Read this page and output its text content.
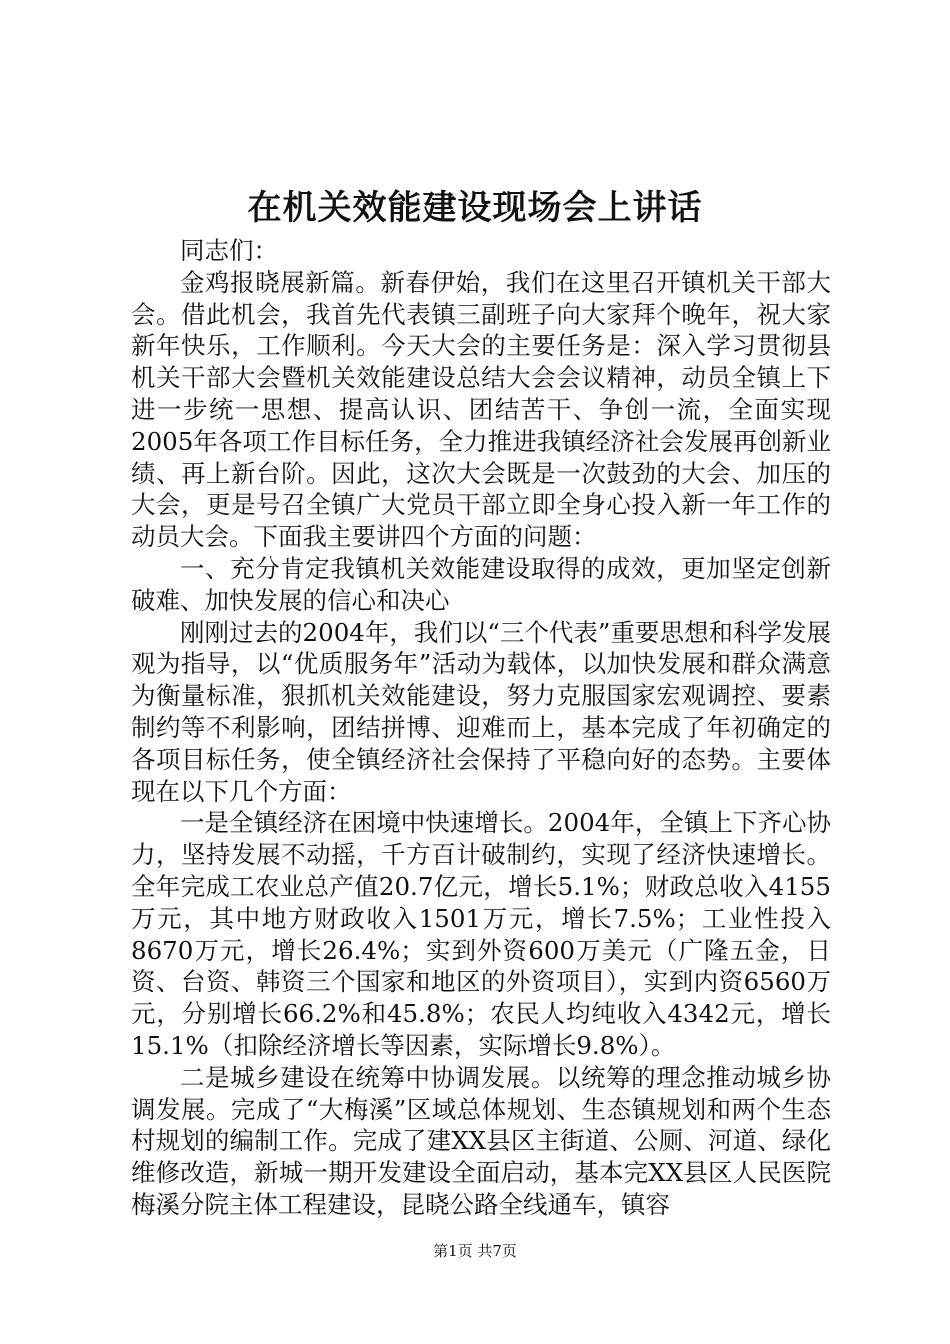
在机关效能建设现场会上讲话

同志们：

金鸡报晓展新篇。新春伊始，我们在这里召开镇机关干部大会。借此机会，我首先代表镇三副班子向大家拜个晚年，祝大家新年快乐，工作顺利。今天大会的主要任务是：深入学习贯彻县机关干部大会暨机关效能建设总结大会会议精神，动员全镇上下进一步统一思想、提高认识、团结苦干、争创一流，全面实现2005年各项工作目标任务，全力推进我镇经济社会发展再创新业绩、再上新台阶。因此，这次大会既是一次鼓劲的大会、加压的大会，更是号召全镇广大党员干部立即全身心投入新一年工作的动员大会。下面我主要讲四个方面的问题：

一、充分肯定我镇机关效能建设取得的成效，更加坚定创新破难、加快发展的信心和决心

刚刚过去的2004年，我们以“三个代表”重要思想和科学发展观为指导，以“优质服务年”活动为载体，以加快发展和群众满意为衡量标准，狠抓机关效能建设，努力克服国家宏观调控、要素制约等不利影响，团结拼博、迎难而上，基本完成了年初确定的各项目标任务，使全镇经济社会保持了平稳向好的态势。主要体现在以下几个方面：

一是全镇经济在困境中快速增长。2004年，全镇上下齐心协力，坚持发展不动摇，千方百计破制约，实现了经济快速增长。全年完成工农业总产值20.7亿元，增长5.1%；财政总收入4155万元，其中地方财政收入1501万元，增长7.5%；工业性投入8670万元，增长26.4%；实到外资600万美元（广隆五金，日资、台资、韩资三个国家和地区的外资项目），实到内资6560万元，分别增长66.2%和45.8%；农民人均纯收入4342元，增长15.1%（扣除经济增长等因素，实际增长9.8%）。

二是城乡建设在统筹中协调发展。以统筹的理念推动城乡协调发展。完成了“大梅溪”区域总体规划、生态镇规划和两个生态村规划的编制工作。完成了建XX县区主街道、公厕、河道、绿化维修改造，新城一期开发建设全面启动，基本完XX县区人民医院梅溪分院主体工程建设，昆晓公路全线通车，镇容

第1页 共7页
